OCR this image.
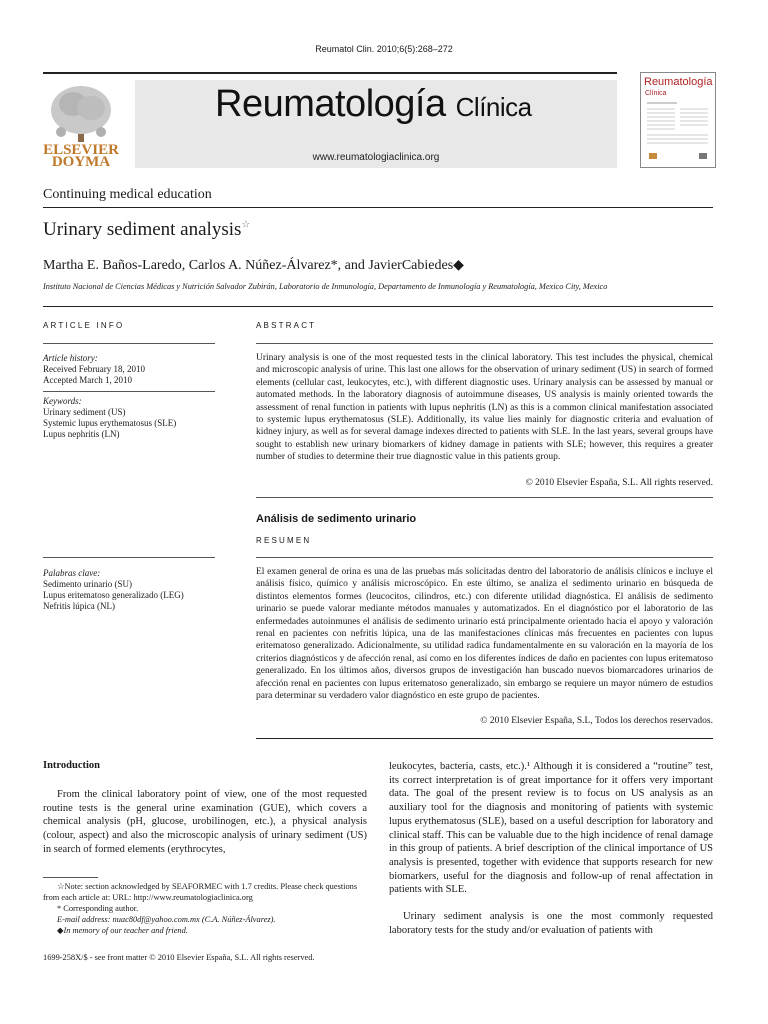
Reumatol Clin. 2010;6(5):268–272
ELSEVIER
DOYMA
Reumatología Clínica
www.reumatologiaclinica.org
Reumatología
Clínica
Continuing medical education
Urinary sediment analysis☆
Martha E. Baños-Laredo, Carlos A. Núñez-Álvarez*, and JavierCabiedes◆
Instituto Nacional de Ciencias Médicas y Nutrición Salvador Zubirán, Laboratorio de Inmunología, Departamento de Inmunología y Reumatología, Mexico City, Mexico
ARTICLE INFO
Article history:
Received February 18, 2010
Accepted March 1, 2010
Keywords:
Urinary sediment (US)
Systemic lupus erythematosus (SLE)
Lupus nephritis (LN)
ABSTRACT
Urinary analysis is one of the most requested tests in the clinical laboratory. This test includes the physical, chemical and microscopic analysis of urine. This last one allows for the observation of urinary sediment (US) in search of formed elements (cellular cast, leukocytes, etc.), with different diagnostic uses. Urinary analysis can be assessed by manual or automated methods. In the laboratory diagnosis of autoimmune diseases, US analysis is mainly oriented towards the assessment of renal function in patients with lupus nephritis (LN) as this is a common clinical manifestation associated to systemic lupus erythematosus (SLE). Additionally, its value lies mainly for diagnostic criteria and evaluation of kidney injury, as well as for several damage indexes directed to patients with SLE. In the last years, several groups have sought to establish new urinary biomarkers of kidney damage in patients with SLE; however, this requires a greater number of studies to determine their true diagnostic value in this patients group.
© 2010 Elsevier España, S.L. All rights reserved.
Análisis de sedimento urinario
RESUMEN
Palabras clave:
Sedimento urinario (SU)
Lupus eritematoso generalizado (LEG)
Nefritis lúpica (NL)
El examen general de orina es una de las pruebas más solicitadas dentro del laboratorio de análisis clínicos e incluye el análisis físico, químico y análisis microscópico. En este último, se analiza el sedimento urinario en búsqueda de distintos elementos formes (leucocitos, cilindros, etc.) con diferente utilidad diagnóstica. El análisis de sedimento urinario se puede valorar mediante métodos manuales y automatizados. En el diagnóstico por el laboratorio de las enfermedades autoinmunes el análisis de sedimento urinario está principalmente orientado hacia el apoyo y valoración renal en pacientes con nefritis lúpica, una de las manifestaciones clínicas más frecuentes en pacientes con lupus eritematoso generalizado. Adicionalmente, su utilidad radica fundamentalmente en su valoración en la mayoría de los criterios diagnósticos y de afección renal, así como en los diferentes índices de daño en pacientes con lupus eritematoso generalizado. En los últimos años, diversos grupos de investigación han buscado nuevos biomarcadores urinarios de afección renal en pacientes con lupus eritematoso generalizado, sin embargo se requiere un mayor número de estudios para determinar su verdadero valor diagnóstico en este grupo de pacientes.
© 2010 Elsevier España, S.L, Todos los derechos reservados.
Introduction
From the clinical laboratory point of view, one of the most requested routine tests is the general urine examination (GUE), which covers a chemical analysis (pH, glucose, urobilinogen, etc.), a physical analysis (colour, aspect) and also the microscopic analysis of urinary sediment (US) in search of formed elements (erythrocytes,
leukocytes, bacteria, casts, etc.).¹ Although it is considered a “routine” test, its correct interpretation is of great importance for it offers very important data. The goal of the present review is to focus on US analysis as an auxiliary tool for the diagnosis and monitoring of patients with systemic lupus erythematosus (SLE), based on a useful description for laboratory and clinical staff. This can be valuable due to the high incidence of renal damage in this group of patients. A brief description of the clinical importance of US analysis is presented, together with evidence that supports research for new biomarkers, useful for the diagnosis and follow-up of renal affectation in patients with SLE.
Urinary sediment analysis is one the most commonly requested laboratory tests for the study and/or evaluation of patients with
☆Note: section acknowledged by SEAFORMEC with 1.7 credits. Please check questions from each article at: URL: http://www.reumatologiaclinica.org
* Corresponding author.
E-mail address: nuac80df@yahoo.com.mx (C.A. Núñez-Álvarez).
◆In memory of our teacher and friend.
1699-258X/$ - see front matter © 2010 Elsevier España, S.L. All rights reserved.
